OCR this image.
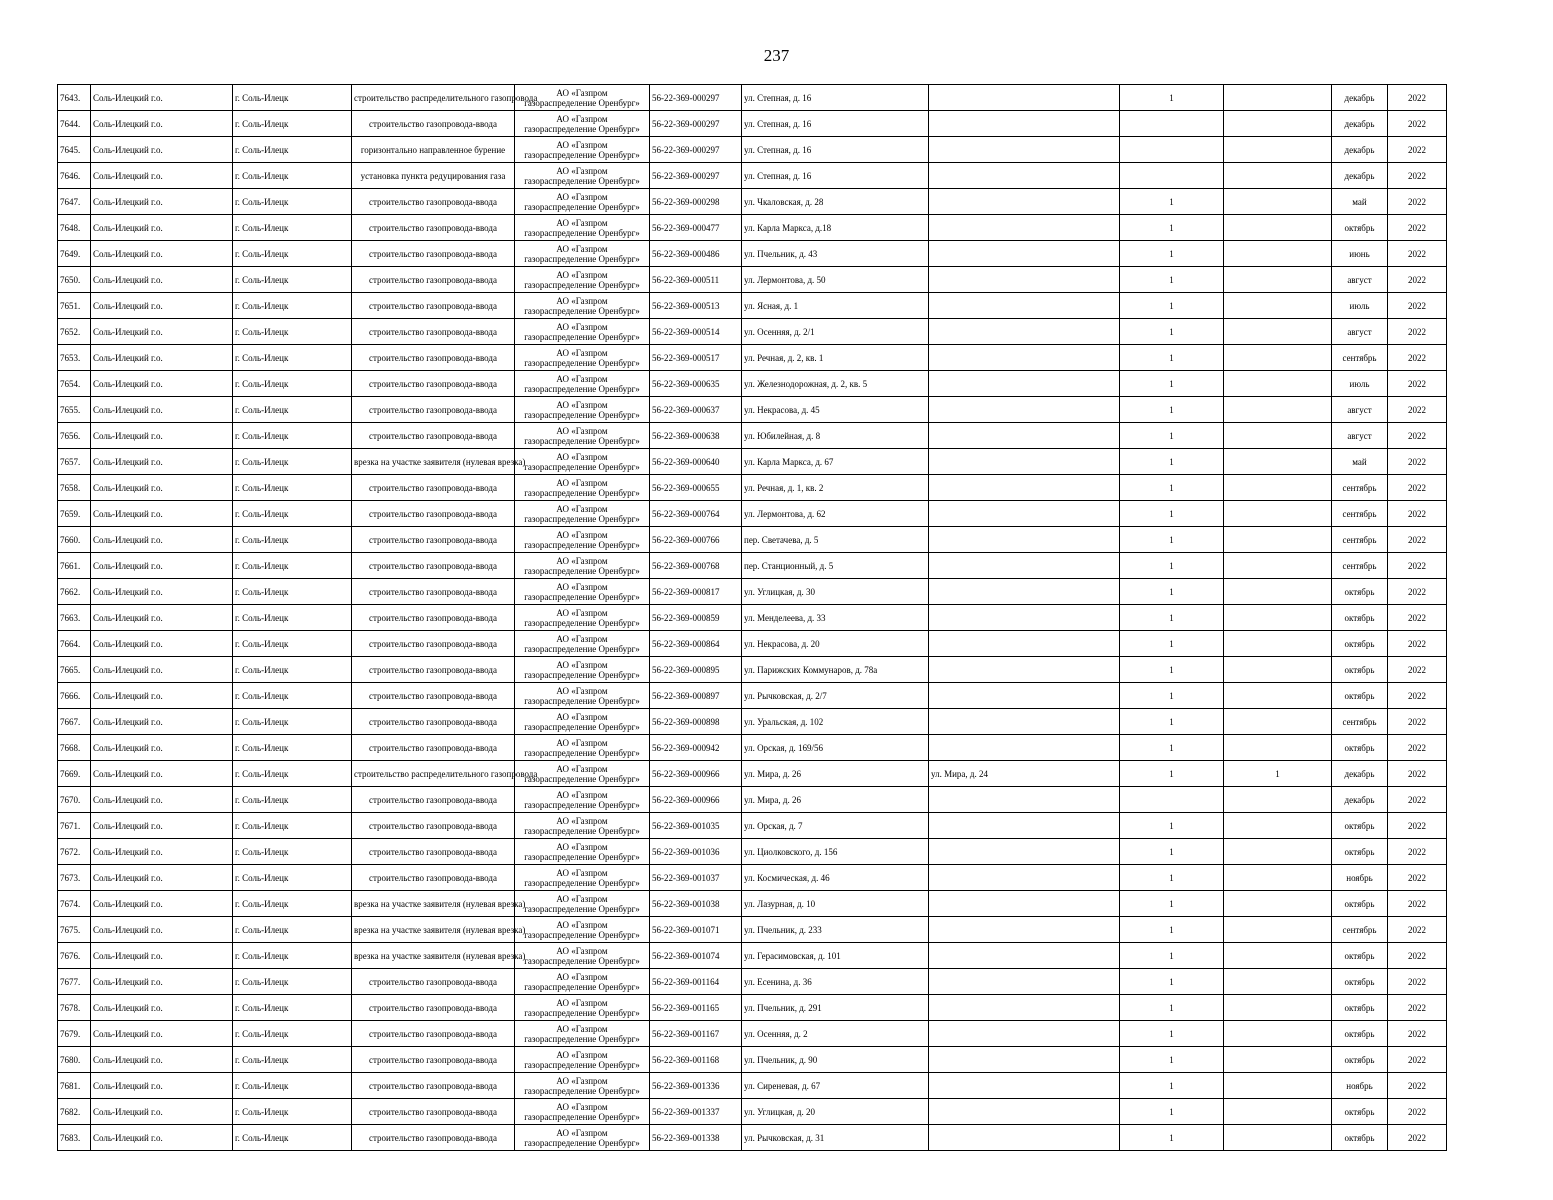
237
7643.	Соль-Илецкий г.о.	г. Соль-Илецк	строительство распределительного газопровода	АО «Газпром
газораспределение Оренбург»	56-22-369-000297	ул. Степная, д. 16		1		декабрь	2022
7644.	Соль-Илецкий г.о.	г. Соль-Илецк	строительство газопровода-ввода	АО «Газпром
газораспределение Оренбург»	56-22-369-000297	ул. Степная, д. 16				декабрь	2022
7645.	Соль-Илецкий г.о.	г. Соль-Илецк	горизонтально направленное бурение	АО «Газпром
газораспределение Оренбург»	56-22-369-000297	ул. Степная, д. 16				декабрь	2022
7646.	Соль-Илецкий г.о.	г. Соль-Илецк	установка пункта редуцирования газа	АО «Газпром
газораспределение Оренбург»	56-22-369-000297	ул. Степная, д. 16				декабрь	2022
7647.	Соль-Илецкий г.о.	г. Соль-Илецк	строительство газопровода-ввода	АО «Газпром
газораспределение Оренбург»	56-22-369-000298	ул. Чкаловская, д. 28		1		май	2022
7648.	Соль-Илецкий г.о.	г. Соль-Илецк	строительство газопровода-ввода	АО «Газпром
газораспределение Оренбург»	56-22-369-000477	ул. Карла Маркса, д.18		1		октябрь	2022
7649.	Соль-Илецкий г.о.	г. Соль-Илецк	строительство газопровода-ввода	АО «Газпром
газораспределение Оренбург»	56-22-369-000486	ул. Пчельник, д. 43		1		июнь	2022
7650.	Соль-Илецкий г.о.	г. Соль-Илецк	строительство газопровода-ввода	АО «Газпром
газораспределение Оренбург»	56-22-369-000511	ул. Лермонтова, д. 50		1		август	2022
7651.	Соль-Илецкий г.о.	г. Соль-Илецк	строительство газопровода-ввода	АО «Газпром
газораспределение Оренбург»	56-22-369-000513	ул. Ясная, д. 1		1		июль	2022
7652.	Соль-Илецкий г.о.	г. Соль-Илецк	строительство газопровода-ввода	АО «Газпром
газораспределение Оренбург»	56-22-369-000514	ул. Осенняя, д. 2/1		1		август	2022
7653.	Соль-Илецкий г.о.	г. Соль-Илецк	строительство газопровода-ввода	АО «Газпром
газораспределение Оренбург»	56-22-369-000517	ул. Речная, д. 2, кв. 1		1		сентябрь	2022
7654.	Соль-Илецкий г.о.	г. Соль-Илецк	строительство газопровода-ввода	АО «Газпром
газораспределение Оренбург»	56-22-369-000635	ул. Железнодорожная, д. 2, кв. 5		1		июль	2022
7655.	Соль-Илецкий г.о.	г. Соль-Илецк	строительство газопровода-ввода	АО «Газпром
газораспределение Оренбург»	56-22-369-000637	ул. Некрасова, д. 45		1		август	2022
7656.	Соль-Илецкий г.о.	г. Соль-Илецк	строительство газопровода-ввода	АО «Газпром
газораспределение Оренбург»	56-22-369-000638	ул. Юбилейная, д. 8		1		август	2022
7657.	Соль-Илецкий г.о.	г. Соль-Илецк	врезка на участке заявителя (нулевая врезка)	АО «Газпром
газораспределение Оренбург»	56-22-369-000640	ул. Карла Маркса, д. 67		1		май	2022
7658.	Соль-Илецкий г.о.	г. Соль-Илецк	строительство газопровода-ввода	АО «Газпром
газораспределение Оренбург»	56-22-369-000655	ул. Речная, д. 1, кв. 2		1		сентябрь	2022
7659.	Соль-Илецкий г.о.	г. Соль-Илецк	строительство газопровода-ввода	АО «Газпром
газораспределение Оренбург»	56-22-369-000764	ул. Лермонтова, д. 62		1		сентябрь	2022
7660.	Соль-Илецкий г.о.	г. Соль-Илецк	строительство газопровода-ввода	АО «Газпром
газораспределение Оренбург»	56-22-369-000766	пер. Светачева, д. 5		1		сентябрь	2022
7661.	Соль-Илецкий г.о.	г. Соль-Илецк	строительство газопровода-ввода	АО «Газпром
газораспределение Оренбург»	56-22-369-000768	пер. Станционный, д. 5		1		сентябрь	2022
7662.	Соль-Илецкий г.о.	г. Соль-Илецк	строительство газопровода-ввода	АО «Газпром
газораспределение Оренбург»	56-22-369-000817	ул. Углицкая, д. 30		1		октябрь	2022
7663.	Соль-Илецкий г.о.	г. Соль-Илецк	строительство газопровода-ввода	АО «Газпром
газораспределение Оренбург»	56-22-369-000859	ул. Менделеева, д. 33		1		октябрь	2022
7664.	Соль-Илецкий г.о.	г. Соль-Илецк	строительство газопровода-ввода	АО «Газпром
газораспределение Оренбург»	56-22-369-000864	ул. Некрасова, д. 20		1		октябрь	2022
7665.	Соль-Илецкий г.о.	г. Соль-Илецк	строительство газопровода-ввода	АО «Газпром
газораспределение Оренбург»	56-22-369-000895	ул. Парижских Коммунаров, д. 78а		1		октябрь	2022
7666.	Соль-Илецкий г.о.	г. Соль-Илецк	строительство газопровода-ввода	АО «Газпром
газораспределение Оренбург»	56-22-369-000897	ул. Рычковская, д. 2/7		1		октябрь	2022
7667.	Соль-Илецкий г.о.	г. Соль-Илецк	строительство газопровода-ввода	АО «Газпром
газораспределение Оренбург»	56-22-369-000898	ул. Уральская, д. 102		1		сентябрь	2022
7668.	Соль-Илецкий г.о.	г. Соль-Илецк	строительство газопровода-ввода	АО «Газпром
газораспределение Оренбург»	56-22-369-000942	ул. Орская, д. 169/56		1		октябрь	2022
7669.	Соль-Илецкий г.о.	г. Соль-Илецк	строительство распределительного газопровода	АО «Газпром
газораспределение Оренбург»	56-22-369-000966	ул. Мира, д. 26	ул. Мира, д. 24	1	1	декабрь	2022
7670.	Соль-Илецкий г.о.	г. Соль-Илецк	строительство газопровода-ввода	АО «Газпром
газораспределение Оренбург»	56-22-369-000966	ул. Мира, д. 26				декабрь	2022
7671.	Соль-Илецкий г.о.	г. Соль-Илецк	строительство газопровода-ввода	АО «Газпром
газораспределение Оренбург»	56-22-369-001035	ул. Орская, д. 7		1		октябрь	2022
7672.	Соль-Илецкий г.о.	г. Соль-Илецк	строительство газопровода-ввода	АО «Газпром
газораспределение Оренбург»	56-22-369-001036	ул. Циолковского, д. 156		1		октябрь	2022
7673.	Соль-Илецкий г.о.	г. Соль-Илецк	строительство газопровода-ввода	АО «Газпром
газораспределение Оренбург»	56-22-369-001037	ул. Космическая, д. 46		1		ноябрь	2022
7674.	Соль-Илецкий г.о.	г. Соль-Илецк	врезка на участке заявителя (нулевая врезка)	АО «Газпром
газораспределение Оренбург»	56-22-369-001038	ул. Лазурная, д. 10		1		октябрь	2022
7675.	Соль-Илецкий г.о.	г. Соль-Илецк	врезка на участке заявителя (нулевая врезка)	АО «Газпром
газораспределение Оренбург»	56-22-369-001071	ул. Пчельник, д. 233		1		сентябрь	2022
7676.	Соль-Илецкий г.о.	г. Соль-Илецк	врезка на участке заявителя (нулевая врезка)	АО «Газпром
газораспределение Оренбург»	56-22-369-001074	ул. Герасимовская, д. 101		1		октябрь	2022
7677.	Соль-Илецкий г.о.	г. Соль-Илецк	строительство газопровода-ввода	АО «Газпром
газораспределение Оренбург»	56-22-369-001164	ул. Есенина, д. 36		1		октябрь	2022
7678.	Соль-Илецкий г.о.	г. Соль-Илецк	строительство газопровода-ввода	АО «Газпром
газораспределение Оренбург»	56-22-369-001165	ул. Пчельник, д. 291		1		октябрь	2022
7679.	Соль-Илецкий г.о.	г. Соль-Илецк	строительство газопровода-ввода	АО «Газпром
газораспределение Оренбург»	56-22-369-001167	ул. Осенняя, д. 2		1		октябрь	2022
7680.	Соль-Илецкий г.о.	г. Соль-Илецк	строительство газопровода-ввода	АО «Газпром
газораспределение Оренбург»	56-22-369-001168	ул. Пчельник, д. 90		1		октябрь	2022
7681.	Соль-Илецкий г.о.	г. Соль-Илецк	строительство газопровода-ввода	АО «Газпром
газораспределение Оренбург»	56-22-369-001336	ул. Сиреневая, д. 67		1		ноябрь	2022
7682.	Соль-Илецкий г.о.	г. Соль-Илецк	строительство газопровода-ввода	АО «Газпром
газораспределение Оренбург»	56-22-369-001337	ул. Углицкая, д. 20		1		октябрь	2022
7683.	Соль-Илецкий г.о.	г. Соль-Илецк	строительство газопровода-ввода	АО «Газпром
газораспределение Оренбург»	56-22-369-001338	ул. Рычковская, д. 31		1		октябрь	2022
